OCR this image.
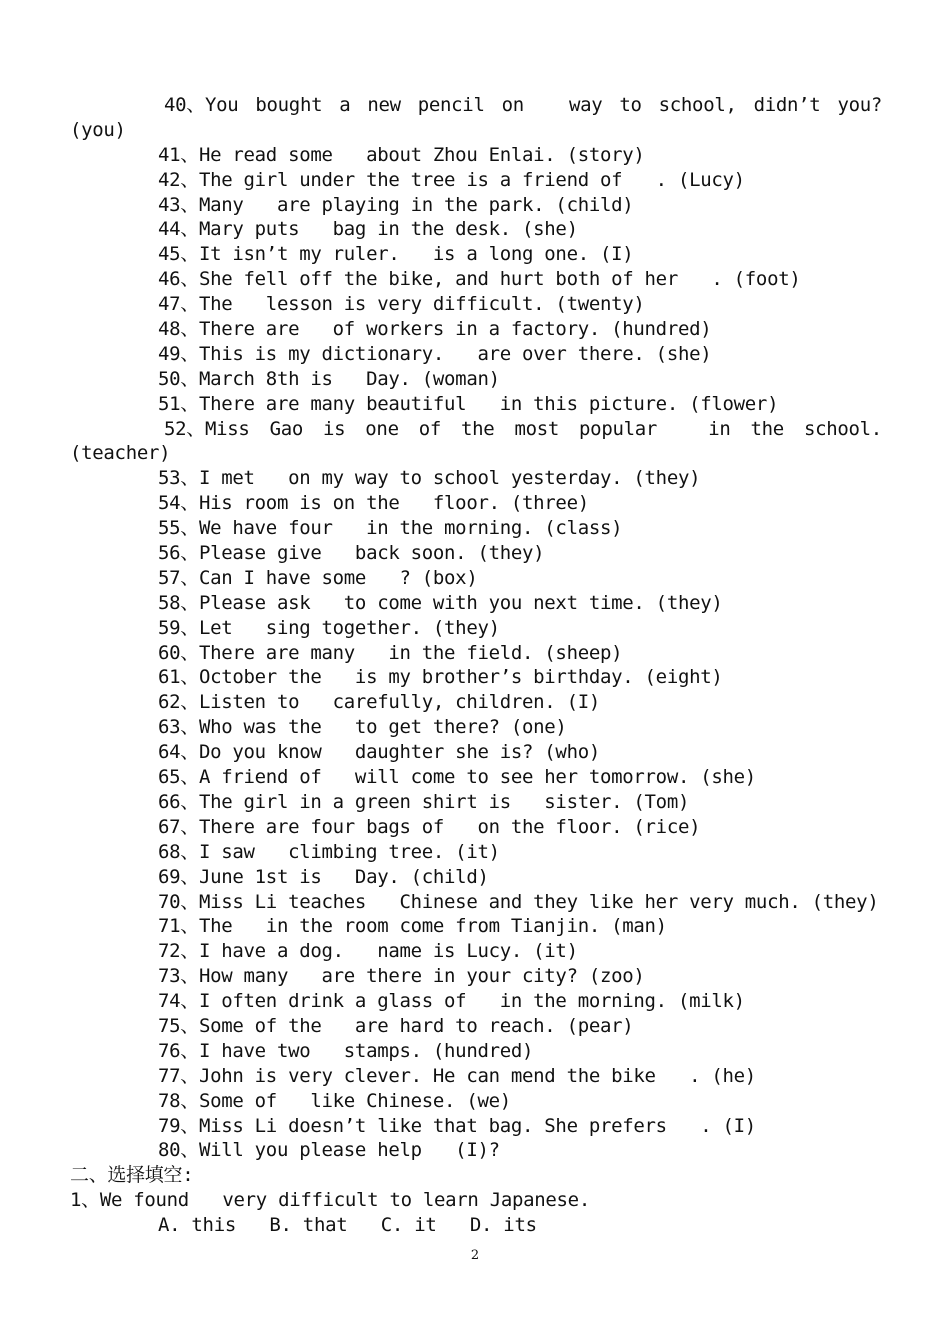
40、You bought a new pencil on
way to school, didn’t you?
(you)
41、He read some   about Zhou Enlai. (story)
42、The girl under the tree is a friend of   . (Lucy)
43、Many   are playing in the park. (child)
44、Mary puts   bag in the desk. (she)
45、It isn’t my ruler.   is a long one. (I)
46、She fell off the bike, and hurt both of her   . (foot)
47、The   lesson is very difficult. (twenty)
48、There are   of workers in a factory. (hundred)
49、This is my dictionary.   are over there. (she)
50、March 8th is   Day. (woman)
51、There are many beautiful   in this picture. (flower)
52、Miss Gao is one of the most popular
	in the school.
(teacher)
53、I met   on my way to school yesterday. (they)
54、His room is on the   floor. (three)
55、We have four   in the morning. (class)
56、Please give   back soon. (they)
57、Can I have some   ? (box)
58、Please ask   to come with you next time. (they)
59、Let   sing together. (they)
60、There are many   in the field. (sheep)
61、October the   is my brother’s birthday. (eight)
62、Listen to   carefully, children. (I)
63、Who was the   to get there? (one)
64、Do you know   daughter she is? (who)
65、A friend of   will come to see her tomorrow. (she)
66、The girl in a green shirt is   sister. (Tom)
67、There are four bags of   on the floor. (rice)
68、I saw   climbing tree. (it)
69、June 1st is   Day. (child)
70、Miss Li teaches   Chinese and they like her very much. (they)
71、The   in the room come from Tianjin. (man)
72、I have a dog.   name is Lucy. (it)
73、How many   are there in your city? (zoo)
74、I often drink a glass of   in the morning. (milk)
75、Some of the   are hard to reach. (pear)
76、I have two   stamps. (hundred)
77、John is very clever. He can mend the bike   . (he)
78、Some of   like Chinese. (we)
79、Miss Li doesn’t like that bag. She prefers   . (I)
80、Will you please help   (I)?
二、选择填空:
1、We found   very difficult to learn Japanese.
A. this   B. that   C. it   D. its
2
